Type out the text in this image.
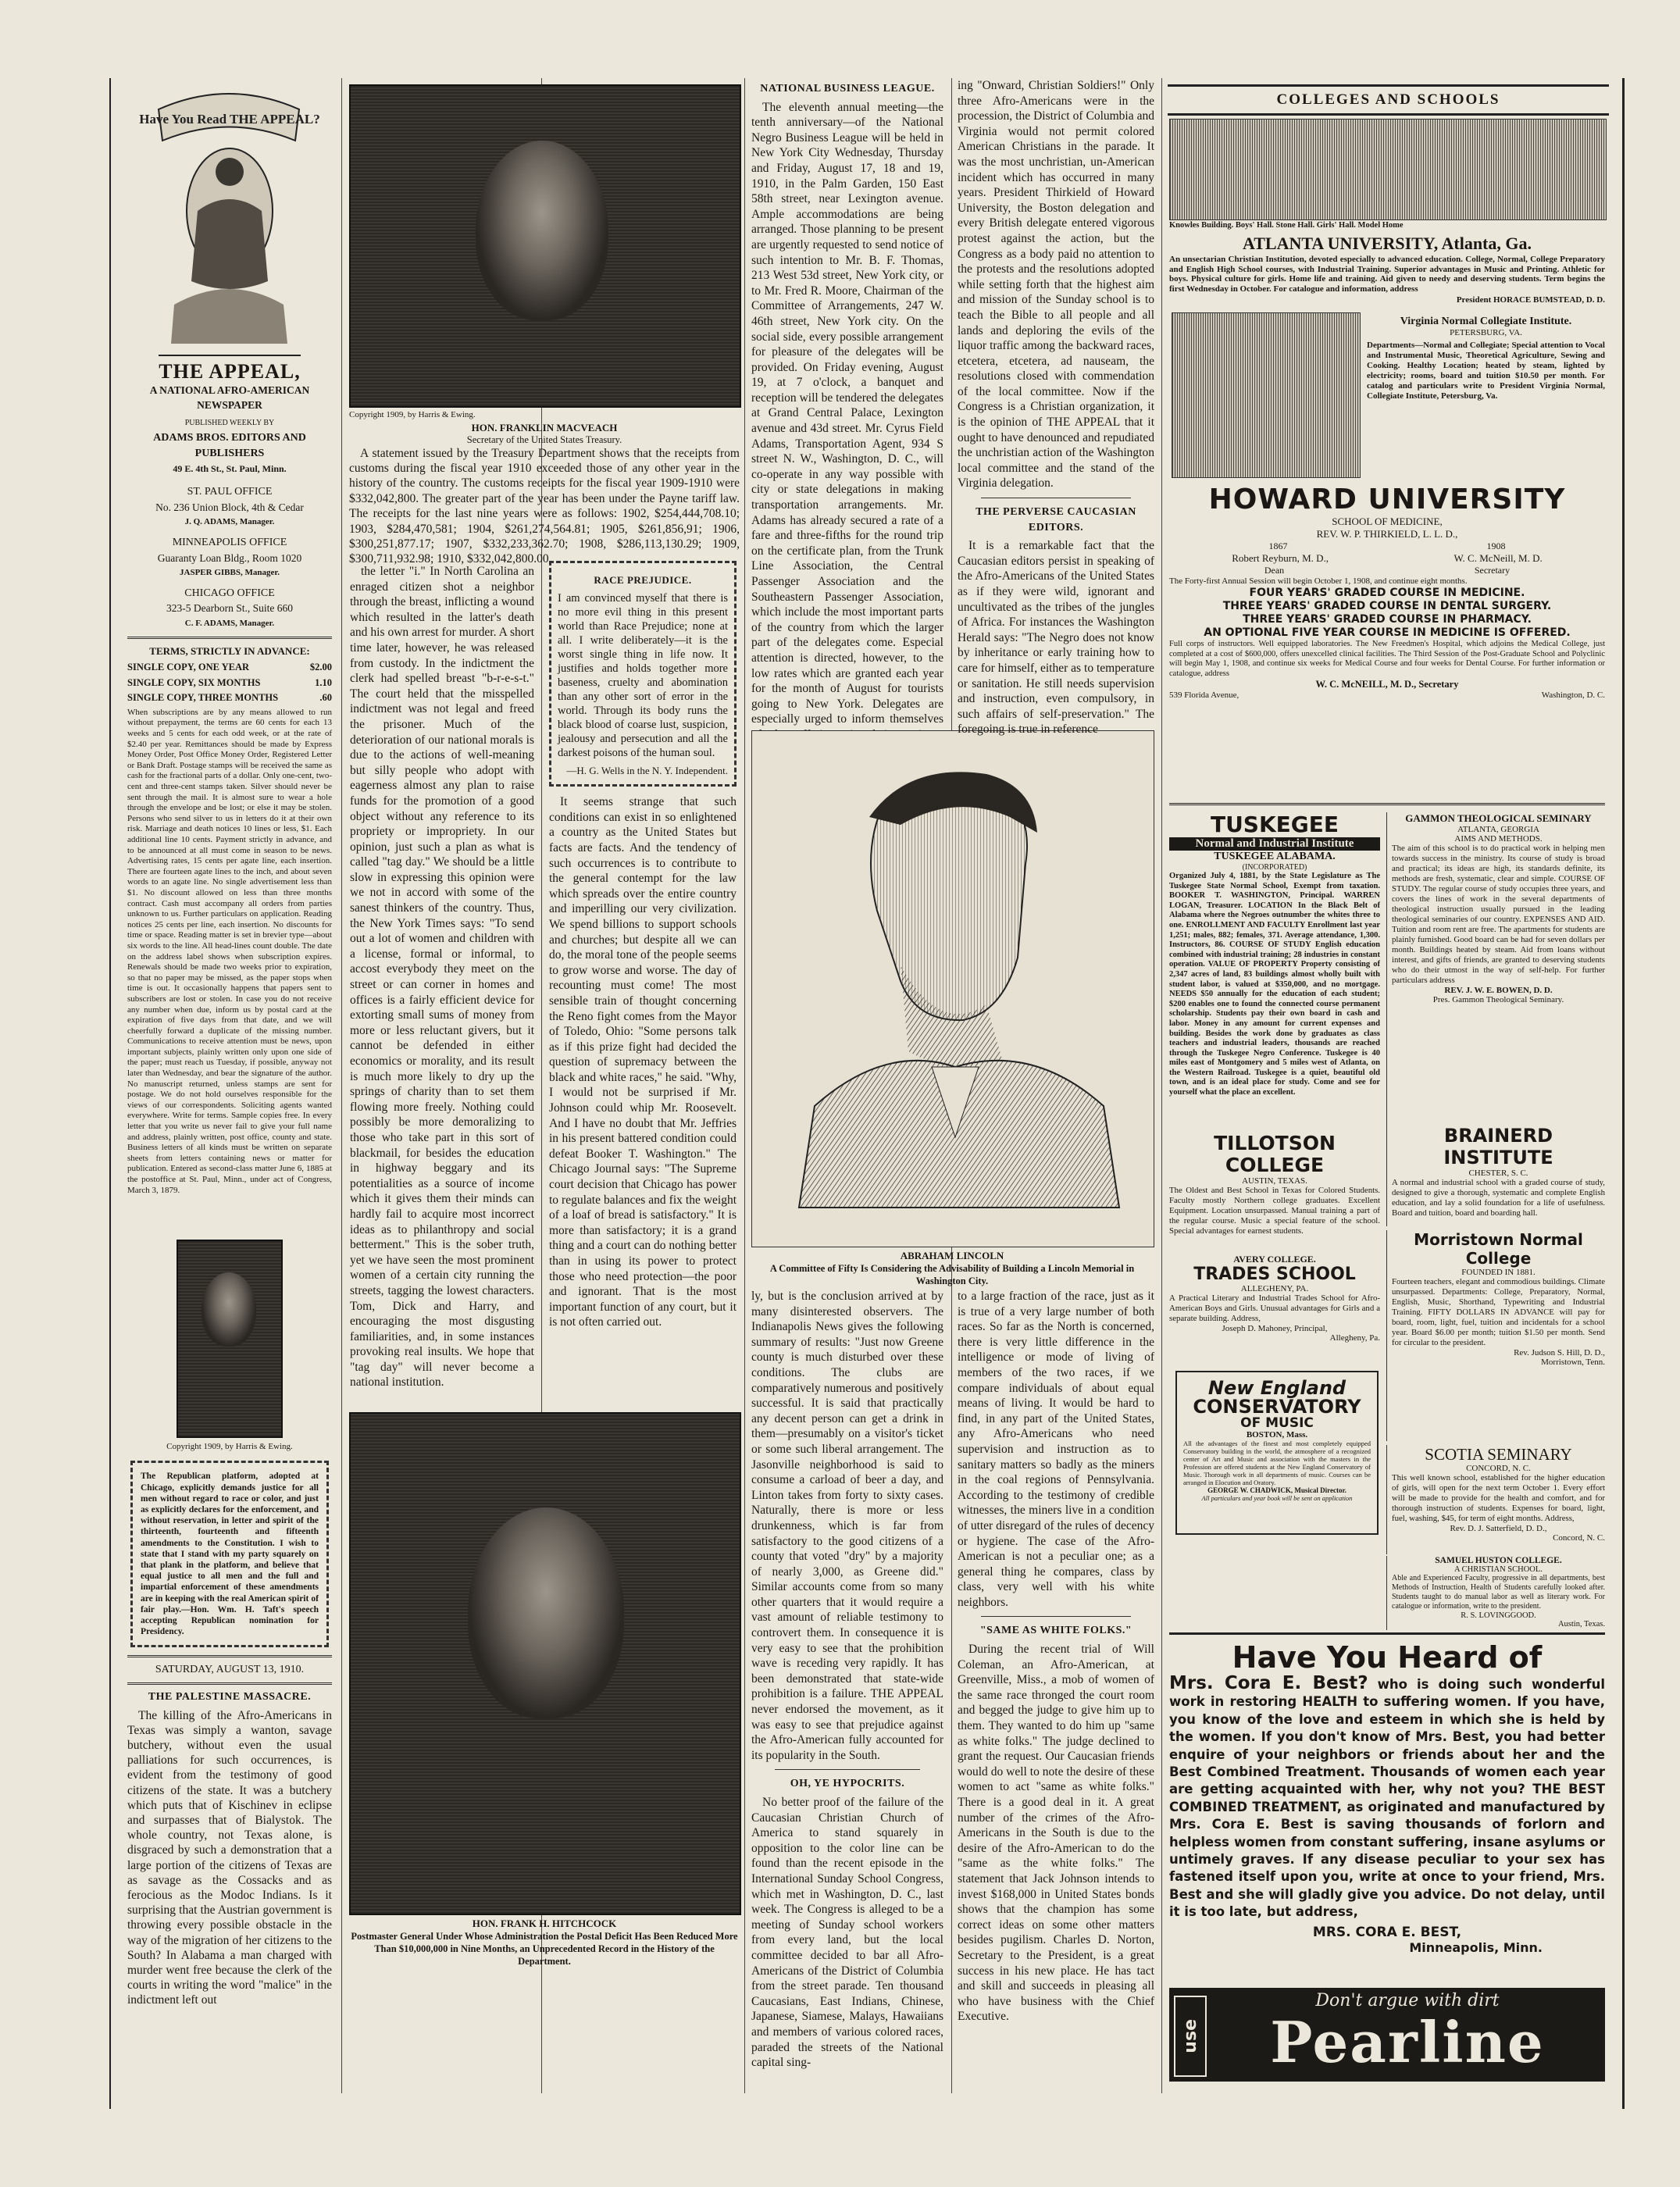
Have You Read THE APPEAL?
THE APPEAL,
A NATIONAL AFRO-AMERICAN NEWSPAPER
PUBLISHED WEEKLY BY
ADAMS BROS. EDITORS AND PUBLISHERS
49 E. 4th St., St. Paul, Minn.
ST. PAUL OFFICE
No. 236 Union Block, 4th & Cedar
J. Q. ADAMS, Manager.
MINNEAPOLIS OFFICE
Guaranty Loan Bldg., Room 1020
JASPER GIBBS, Manager.
CHICAGO OFFICE
323-5 Dearborn St., Suite 660
C. F. ADAMS, Manager.
TERMS, STRICTLY IN ADVANCE:
SINGLE COPY, ONE YEAR	$2.00
SINGLE COPY, SIX MONTHS	1.10
SINGLE COPY, THREE MONTHS	.60
When subscriptions are by any means allowed to run without prepayment, the terms are 60 cents for each 13 weeks and 5 cents for each odd week, or at the rate of $2.40 per year. Remittances should be made by Express Money Order, Post Office Money Order, Registered Letter or Bank Draft. Postage stamps will be received the same as cash for the fractional parts of a dollar. Only one-cent, two-cent and three-cent stamps taken. Silver should never be sent through the mail. It is almost sure to wear a hole through the envelope and be lost; or else it may be stolen. Persons who send silver to us in letters do it at their own risk. Marriage and death notices 10 lines or less, $1. Each additional line 10 cents. Payment strictly in advance, and to be announced at all must come in season to be news. Advertising rates, 15 cents per agate line, each insertion. There are fourteen agate lines to the inch, and about seven words to an agate line. No single advertisement less than $1. No discount allowed on less than three months contract. Cash must accompany all orders from parties unknown to us. Further particulars on application. Reading notices 25 cents per line, each insertion. No discounts for time or space. Reading matter is set in brevier type—about six words to the line. All head-lines count double. The date on the address label shows when subscription expires. Renewals should be made two weeks prior to expiration, so that no paper may be missed, as the paper stops when time is out. It occasionally happens that papers sent to subscribers are lost or stolen. In case you do not receive any number when due, inform us by postal card at the expiration of five days from that date, and we will cheerfully forward a duplicate of the missing number. Communications to receive attention must be news, upon important subjects, plainly written only upon one side of the paper; must reach us Tuesday, if possible, anyway not later than Wednesday, and bear the signature of the author. No manuscript returned, unless stamps are sent for postage. We do not hold ourselves responsible for the views of our correspondents. Soliciting agents wanted everywhere. Write for terms. Sample copies free. In every letter that you write us never fail to give your full name and address, plainly written, post office, county and state. Business letters of all kinds must be written on separate sheets from letters containing news or matter for publication. Entered as second-class matter June 6, 1885 at the postoffice at St. Paul, Minn., under act of Congress, March 3, 1879.
Copyright 1909, by Harris & Ewing.
The Republican platform, adopted at Chicago, explicitly demands justice for all men without regard to race or color, and just as explicitly declares for the enforcement, and without reservation, in letter and spirit of the thirteenth, fourteenth and fifteenth amendments to the Constitution. I wish to state that I stand with my party squarely on that plank in the platform, and believe that equal justice to all men and the full and impartial enforcement of these amendments are in keeping with the real American spirit of fair play.—Hon. Wm. H. Taft's speech accepting Republican nomination for Presidency.
SATURDAY, AUGUST 13, 1910.
THE PALESTINE MASSACRE.
The killing of the Afro-Americans in Texas was simply a wanton, savage butchery, without even the usual palliations for such occurrences, is evident from the testimony of good citizens of the state. It was a butchery which puts that of Kischinev in eclipse and surpasses that of Bialystok. The whole country, not Texas alone, is disgraced by such a demonstration that a large portion of the citizens of Texas are as savage as the Cossacks and as ferocious as the Modoc Indians. Is it surprising that the Austrian government is throwing every possible obstacle in the way of the migration of her citizens to the South? In Alabama a man charged with murder went free because the clerk of the courts in writing the word "malice" in the indictment left out
Copyright 1909, by Harris & Ewing.
HON. FRANKLIN MACVEACH
Secretary of the United States Treasury.
A statement issued by the Treasury Department shows that the receipts from customs during the fiscal year 1910 exceeded those of any other year in the history of the country. The customs receipts for the fiscal year 1909-1910 were $332,042,800. The greater part of the year has been under the Payne tariff law. The receipts for the last nine years were as follows: 1902, $254,444,708.10; 1903, $284,470,581; 1904, $261,274,564.81; 1905, $261,856,91; 1906, $300,251,877.17; 1907, $332,233,362.70; 1908, $286,113,130.29; 1909, $300,711,932.98; 1910, $332,042,800.00.
the letter "i." In North Carolina an enraged citizen shot a neighbor through the breast, inflicting a wound which resulted in the latter's death and his own arrest for murder. A short time later, however, he was released from custody. In the indictment the clerk had spelled breast "b-r-e-s-t." The court held that the misspelled indictment was not legal and freed the prisoner. Much of the deterioration of our national morals is due to the actions of well-meaning but silly people who adopt with eagerness almost any plan to raise funds for the promotion of a good object without any reference to its propriety or impropriety. In our opinion, just such a plan as what is called "tag day." We should be a little slow in expressing this opinion were we not in accord with some of the sanest thinkers of the country. Thus, the New York Times says: "To send out a lot of women and children with a license, formal or informal, to accost everybody they meet on the street or can corner in homes and offices is a fairly efficient device for extorting small sums of money from more or less reluctant givers, but it cannot be defended in either economics or morality, and its result is much more likely to dry up the springs of charity than to set them flowing more freely. Nothing could possibly be more demoralizing to those who take part in this sort of blackmail, for besides the education in highway beggary and its potentialities as a source of income which it gives them their minds can hardly fail to acquire most incorrect ideas as to philanthropy and social betterment." This is the sober truth, yet we have seen the most prominent women of a certain city running the streets, tagging the lowest characters. Tom, Dick and Harry, and encouraging the most disgusting familiarities, and, in some instances provoking real insults. We hope that "tag day" will never become a national institution.
RACE PREJUDICE.
I am convinced myself that there is no more evil thing in this present world than Race Prejudice; none at all. I write deliberately—it is the worst single thing in life now. It justifies and holds together more baseness, cruelty and abomination than any other sort of error in the world. Through its body runs the black blood of coarse lust, suspicion, jealousy and persecution and all the darkest poisons of the human soul.
—H. G. Wells in the N. Y. Independent.
It seems strange that such conditions can exist in so enlightened a country as the United States but facts are facts. And the tendency of such occurrences is to contribute to the general contempt for the law which spreads over the entire country and imperilling our very civilization. We spend billions to support schools and churches; but despite all we can do, the moral tone of the people seems to grow worse and worse. The day of recounting must come! The most sensible train of thought concerning the Reno fight comes from the Mayor of Toledo, Ohio: "Some persons talk as if this prize fight had decided the question of supremacy between the black and white races," he said. "Why, I would not be surprised if Mr. Johnson could whip Mr. Roosevelt. And I have no doubt that Mr. Jeffries in his present battered condition could defeat Booker T. Washington." The Chicago Journal says: "The Supreme court decision that Chicago has power to regulate balances and fix the weight of a loaf of bread is satisfactory." It is more than satisfactory; it is a grand thing and a court can do nothing better than in using its power to protect those who need protection—the poor and ignorant. That is the most important function of any court, but it is not often carried out.
HON. FRANK H. HITCHCOCK
Postmaster General Under Whose Administration the Postal Deficit Has Been Reduced More Than $10,000,000 in Nine Months, an Unprecedented Record in the History of the Department.
NATIONAL BUSINESS LEAGUE.
The eleventh annual meeting—the tenth anniversary—of the National Negro Business League will be held in New York City Wednesday, Thursday and Friday, August 17, 18 and 19, 1910, in the Palm Garden, 150 East 58th street, near Lexington avenue. Ample accommodations are being arranged. Those planning to be present are urgently requested to send notice of such intention to Mr. B. F. Thomas, 213 West 53d street, New York city, or to Mr. Fred R. Moore, Chairman of the Committee of Arrangements, 247 W. 46th street, New York city. On the social side, every possible arrangement for pleasure of the delegates will be provided. On Friday evening, August 19, at 7 o'clock, a banquet and reception will be tendered the delegates at Grand Central Palace, Lexington avenue and 43d street. Mr. Cyrus Field Adams, Transportation Agent, 934 S street N. W., Washington, D. C., will co-operate in any way possible with city or state delegations in making transportation arrangements. Mr. Adams has already secured a rate of a fare and three-fifths for the round trip on the certificate plan, from the Trunk Line Association, the Central Passenger Association and the Southeastern Passenger Association, which include the most important parts of the country from which the larger part of the delegates come. Especial attention is directed, however, to the low rates which are granted each year for the month of August for tourists going to New York. Delegates are especially urged to inform themselves
ABRAHAM LINCOLN
A Committee of Fifty Is Considering the Advisability of Building a Lincoln Memorial in Washington City.
ly, but is the conclusion arrived at by many disinterested observers. The Indianapolis News gives the following summary of results: "Just now Greene county is much disturbed over these conditions. The clubs are comparatively numerous and positively successful. It is said that practically any decent person can get a drink in them—presumably on a visitor's ticket or some such liberal arrangement. The Jasonville neighborhood is said to consume a carload of beer a day, and Linton takes from forty to sixty cases. Naturally, there is more or less drunkenness, which is far from satisfactory to the good citizens of a county that voted "dry" by a majority of nearly 3,000, as Greene did." Similar accounts come from so many other quarters that it would require a vast amount of reliable testimony to controvert them. In consequence it is very easy to see that the prohibition wave is receding very rapidly. It has been demonstrated that state-wide prohibition is a failure. THE APPEAL never endorsed the movement, as it was easy to see that prejudice against the Afro-American fully accounted for its popularity in the South.
OH, YE HYPOCRITS.
No better proof of the failure of the Caucasian Christian Church of America to stand squarely in opposition to the color line can be found than the recent episode in the International Sunday School Congress, which met in Washington, D. C., last week. The Congress is alleged to be a meeting of Sunday school workers from every land, but the local committee decided to bar all Afro-Americans of the District of Columbia from the street parade. Ten thousand Caucasians, East Indians, Chinese, Japanese, Siamese, Malays, Hawaiians and members of various colored races, paraded the streets of the National capital sing-
ing "Onward, Christian Soldiers!" Only three Afro-Americans were in the procession, the District of Columbia and Virginia would not permit colored American Christians in the parade. It was the most unchristian, un-American incident which has occurred in many years. President Thirkield of Howard University, the Boston delegation and every British delegate entered vigorous protest against the action, but the Congress as a body paid no attention to the protests and the resolutions adopted while setting forth that the highest aim and mission of the Sunday school is to teach the Bible to all people and all lands and deploring the evils of the liquor traffic among the backward races, etcetera, etcetera, ad nauseam, the resolutions closed with commendation of the local committee. Now if the Congress is a Christian organization, it is the opinion of THE APPEAL that it ought to have denounced and repudiated the unchristian action of the Washington local committee and the stand of the Virginia delegation.
THE PERVERSE CAUCASIAN EDITORS.
It is a remarkable fact that the Caucasian editors persist in speaking of the Afro-Americans of the United States as if they were wild, ignorant and uncultivated as the tribes of the jungles of Africa. For instances the Washington Herald says: "The Negro does not know by inheritance or early training how to care for himself, either as to temperature or sanitation. He still needs supervision and instruction, even compulsory, in such affairs of self-preservation." The foregoing is true in reference
to a large fraction of the race, just as it is true of a very large number of both races. So far as the North is concerned, there is very little difference in the intelligence or mode of living of members of the two races, if we compare individuals of about equal means of living. It would be hard to find, in any part of the United States, any Afro-Americans who need supervision and instruction as to sanitary matters so badly as the miners in the coal regions of Pennsylvania. According to the testimony of credible witnesses, the miners live in a condition of utter disregard of the rules of decency or hygiene. The case of the Afro-American is not a peculiar one; as a general thing he compares, class by class, very well with his white neighbors.
"SAME AS WHITE FOLKS."
During the recent trial of Will Coleman, an Afro-American, at Greenville, Miss., a mob of women of the same race thronged the court room and begged the judge to give him up to them. They wanted to do him up "same as white folks." The judge declined to grant the request. Our Caucasian friends would do well to note the desire of these women to act "same as white folks." There is a good deal in it. A great number of the crimes of the Afro-Americans in the South is due to the desire of the Afro-American to do the "same as the white folks." The statement that Jack Johnson intends to invest $168,000 in United States bonds shows that the champion has some correct ideas on some other matters besides pugilism. Charles D. Norton, Secretary to the President, is a great success in his new place. He has tact and skill and succeeds in pleasing all who have business with the Chief Executive.
COLLEGES AND SCHOOLS
Knowles Building. Boys' Hall. Stone Hall. Girls' Hall. Model Home
ATLANTA UNIVERSITY, Atlanta, Ga.
An unsectarian Christian Institution, devoted especially to advanced education. College, Normal, College Preparatory and English High School courses, with Industrial Training. Superior advantages in Music and Printing. Athletic for boys. Physical culture for girls. Home life and training. Aid given to needy and deserving students. Term begins the first Wednesday in October. For catalogue and information, address
President HORACE BUMSTEAD, D. D.
Virginia Normal Collegiate Institute.
PETERSBURG, VA.
Departments—Normal and Collegiate; Special attention to Vocal and Instrumental Music, Theoretical Agriculture, Sewing and Cooking. Healthy Location; heated by steam, lighted by electricity; rooms, board and tuition $10.50 per month. For catalog and particulars write to President Virginia Normal, Collegiate Institute, Petersburg, Va.
HOWARD UNIVERSITY
SCHOOL OF MEDICINE,
REV. W. P. THIRKIELD, L. L. D.,
1867	1908
Robert Reyburn, M. D.,	W. C. McNeill, M. D.
Dean	Secretary
The Forty-first Annual Session will begin October 1, 1908, and continue eight months.
FOUR YEARS' GRADED COURSE IN MEDICINE.
THREE YEARS' GRADED COURSE IN DENTAL SURGERY.
THREE YEARS' GRADED COURSE IN PHARMACY.
AN OPTIONAL FIVE YEAR COURSE IN MEDICINE IS OFFERED.
Full corps of instructors. Well equipped laboratories. The New Freedmen's Hospital, which adjoins the Medical College, just completed at a cost of $600,000, offers unexcelled clinical facilities. The Third Session of the Post-Graduate School and Polyclinic will begin May 1, 1908, and continue six weeks for Medical Course and four weeks for Dental Course. For further information or catalogue, address
W. C. McNEILL, M. D., Secretary
539 Florida Avenue,	Washington, D. C.
TUSKEGEE
Normal and Industrial Institute
TUSKEGEE ALABAMA.
(INCORPORATED)
Organized July 4, 1881, by the State Legislature as The Tuskegee State Normal School, Exempt from taxation. BOOKER T. WASHINGTON, Principal. WARREN LOGAN, Treasurer. LOCATION In the Black Belt of Alabama where the Negroes outnumber the whites three to one. ENROLLMENT AND FACULTY Enrollment last year 1,251; males, 882; females, 371. Average attendance, 1,300. Instructors, 86. COURSE OF STUDY English education combined with industrial training; 28 industries in constant operation. VALUE OF PROPERTY Property consisting of 2,347 acres of land, 83 buildings almost wholly built with student labor, is valued at $350,000, and no mortgage. NEEDS $50 annually for the education of each student; $200 enables one to found the connected course permanent scholarship. Students pay their own board in cash and labor. Money in any amount for current expenses and building. Besides the work done by graduates as class teachers and industrial leaders, thousands are reached through the Tuskegee Negro Conference. Tuskegee is 40 miles east of Montgomery and 5 miles west of Atlanta, on the Western Railroad. Tuskegee is a quiet, beautiful old town, and is an ideal place for study. Come and see for yourself what the place an excellent.
GAMMON THEOLOGICAL SEMINARY
ATLANTA, GEORGIA
AIMS AND METHODS.
The aim of this school is to do practical work in helping men towards success in the ministry. Its course of study is broad and practical; its ideas are high, its standards definite, its methods are fresh, systematic, clear and simple. COURSE OF STUDY. The regular course of study occupies three years, and covers the lines of work in the several departments of theological instruction usually pursued in the leading theological seminaries of our country. EXPENSES AND AID. Tuition and room rent are free. The apartments for students are plainly furnished. Good board can be had for seven dollars per month. Buildings heated by steam. Aid from loans without interest, and gifts of friends, are granted to deserving students who do their utmost in the way of self-help. For further particulars address
REV. J. W. E. BOWEN, D. D.
Pres. Gammon Theological Seminary.
BRAINERD INSTITUTE
CHESTER, S. C.
A normal and industrial school with a graded course of study, designed to give a thorough, systematic and complete English education, and lay a solid foundation for a life of usefulness. Board and tuition, board and boarding hall.
Morristown Normal College
FOUNDED IN 1881.
Fourteen teachers, elegant and commodious buildings. Climate unsurpassed. Departments: College, Preparatory, Normal, English, Music, Shorthand, Typewriting and Industrial Training. FIFTY DOLLARS IN ADVANCE will pay for board, room, light, fuel, tuition and incidentals for a school year. Board $6.00 per month; tuition $1.50 per month. Send for circular to the president.
Rev. Judson S. Hill, D. D.,
Morristown, Tenn.
TILLOTSON COLLEGE
AUSTIN, TEXAS.
The Oldest and Best School in Texas for Colored Students. Faculty mostly Northern college graduates. Excellent Equipment. Location unsurpassed. Manual training a part of the regular course. Music a special feature of the school. Special advantages for earnest students.
AVERY COLLEGE.
TRADES SCHOOL
ALLEGHENY, PA.
A Practical Literary and Industrial Trades School for Afro-American Boys and Girls. Unusual advantages for Girls and a separate building. Address,
Joseph D. Mahoney, Principal,
Allegheny, Pa.
New England
CONSERVATORY
OF MUSIC
BOSTON, Mass.
All the advantages of the finest and most completely equipped Conservatory building in the world, the atmosphere of a recognized center of Art and Music and association with the masters in the Profession are offered students at the New England Conservatory of Music. Thorough work in all departments of music. Courses can be arranged in Elocution and Oratory.
GEORGE W. CHADWICK, Musical Director.
All particulars and year book will be sent on application
SCOTIA SEMINARY
CONCORD, N. C.
This well known school, established for the higher education of girls, will open for the next term October 1. Every effort will be made to provide for the health and comfort, and for thorough instruction of students. Expenses for board, light, fuel, washing, $45, for term of eight months. Address,
Rev. D. J. Satterfield, D. D.,
Concord, N. C.
SAMUEL HUSTON COLLEGE.
A CHRISTIAN SCHOOL.
Able and Experienced Faculty, progressive in all departments, best Methods of Instruction, Health of Students carefully looked after. Students taught to do manual labor as well as literary work. For catalogue or information, write to the president.
R. S. LOVINGGOOD.
Austin, Texas.
Have You Heard of
Mrs. Cora E. Best? who is doing such wonderful work in restoring HEALTH to suffering women. If you have, you know of the love and esteem in which she is held by the women. If you don't know of Mrs. Best, you had better enquire of your neighbors or friends about her and the Best Combined Treatment. Thousands of women each year are getting acquainted with her, why not you? THE BEST COMBINED TREATMENT, as originated and manufactured by Mrs. Cora E. Best is saving thousands of forlorn and helpless women from constant suffering, insane asylums or untimely graves. If any disease peculiar to your sex has fastened itself upon you, write at once to your friend, Mrs. Best and she will gladly give you advice. Do not delay, until it is too late, but address,
MRS. CORA E. BEST,
Minneapolis, Minn.
use
Don't argue with dirt
Pearline
